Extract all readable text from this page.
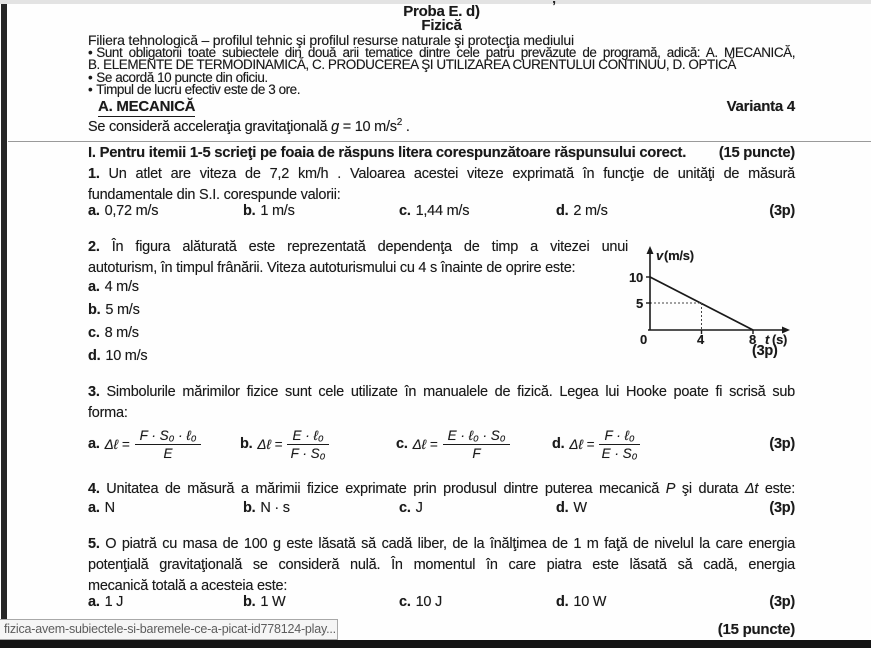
’
Proba E. d)
Fizică
Filiera tehnologică – profilul tehnic şi profilul resurse naturale şi protecţia mediului
• Sunt obligatorii toate subiectele din două arii tematice dintre cele patru prevăzute de programă, adică: A. MECANICĂ,
B. ELEMENTE DE TERMODINAMICĂ, C. PRODUCEREA ŞI UTILIZAREA CURENTULUI CONTINUU, D. OPTICĂ
• Se acordă 10 puncte din oficiu.
• Timpul de lucru efectiv este de 3 ore.
A. MECANICĂ	Varianta 4
Se consideră acceleraţia gravitaţională g = 10 $m/s^2$ .
I. Pentru itemii 1-5 scrieţi pe foaia de răspuns litera corespunzătoare răspunsului corect. (15 puncte)
1. Un atlet are viteza de 7,2 km/h . Valoarea acestei viteze exprimată în funcţie de unităţi de măsură
fundamentale din S.I. corespunde valorii:
a. 0,72 m/s	b. 1 m/s	c. 1,44 m/s	d. 2 m/s	(3p)
2. În figura alăturată este reprezentată dependenţa de timp a vitezei unui
autoturism, în timpul frânării. Viteza autoturismului cu 4 s înainte de oprire este:
a. 4 m/s
b. 5 m/s
c. 8 m/s
d. 10 m/s
10
5
0	4	8 t (s)
v (m/s)
(3p)
3. Simbolurile mărimilor fizice sunt cele utilizate în manualele de fizică. Legea lui Hooke poate fi scrisă sub
forma:
a. Δℓ = $\frac{\text{F · S₀ · ℓ₀}}{E}$	b. Δℓ = $\frac{\text{E · ℓ₀}}{\text{F · S₀}}$	c. Δℓ = $\frac{\text{E · ℓ₀ · S₀}}{F}$	d. Δℓ = $\frac{\text{F · ℓ₀}}{\text{E · S₀}}$	(3p)
4. Unitatea de măsură a mărimii fizice exprimate prin produsul dintre puterea mecanică P şi durata Δt este:
a. N	b. N · s	c. J	d. W	(3p)
5. O piatră cu masa de 100 g este lăsată să cadă liber, de la înălţimea de 1 m faţă de nivelul la care energia
potenţială gravitaţională se consideră nulă. În momentul în care piatra este lăsată să cadă, energia
mecanică totală a acesteia este:
a. 1 J	b. 1 W	c. 10 J	d. 10 W	(3p)
(15 puncte)
fizica-avem-subiectele-si-baremele-ce-a-picat-id778124-play...
